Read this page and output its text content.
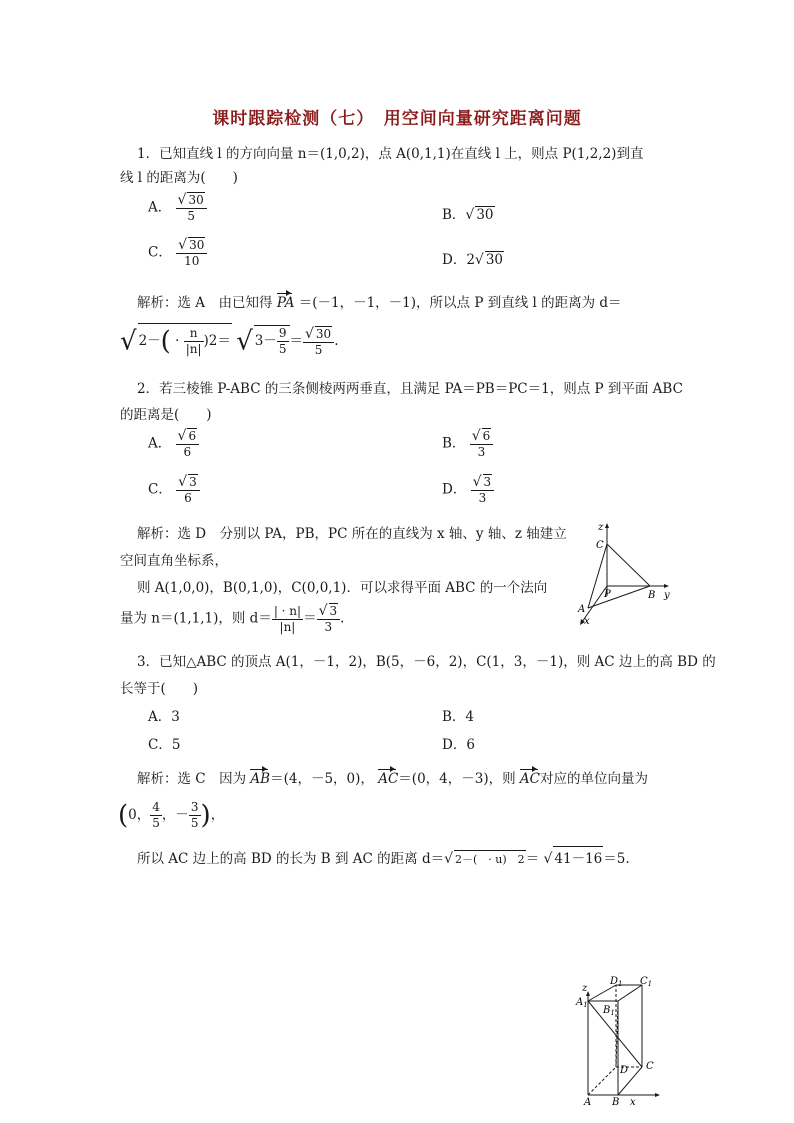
课时跟踪检测（七）　用空间向量研究距离问题
1．已知直线 l 的方向向量 n＝(1,0,2)，点 A(0,1,1)在直线 l 上，则点 P(1,2,2)到直
线 l 的距离为(　　)
A． $\frac{√ 30}{5}$	B．√ 30
C． $\frac{√ 30}{10}$	D．2√ 30
解析：选 A　由已知得 PA ＝(－1，－1，－1)，所以点 P 到直线 l 的距离为 d＝
√ $2-( \cdot \frac{n}{|n|} )2=$ √ $3- \frac{9}{5} = \frac{√ 30}{5}$ .
2．若三棱锥 P-ABC 的三条侧棱两两垂直，且满足 PA＝PB＝PC＝1，则点 P 到平面 ABC
的距离是(　　)
A． $\frac{√ 6}{6}$	B． $\frac{√ 6}{3}$
C． $\frac{√ 3}{6}$	D． $\frac{√ 3}{3}$
解析：选 D　分别以 PA，PB，PC 所在的直线为 x 轴、y 轴、z 轴建立
空间直角坐标系，
则 A(1,0,0)，B(0,1,0)，C(0,0,1)．可以求得平面 ABC 的一个法向
量为 n＝(1,1,1)，则 $d= \frac{| \cdot n|}{|n|} = \frac{√ 3}{3}$ .
z
C
P	B y
A
x
3．已知△ABC 的顶点 A(1，－1，2)，B(5，－6，2)，C(1，3，－1)，则 AC 边上的高 BD 的
长等于(　　)
A．3	B．4
C．5	D．6
解析：选 C　因为 AB＝(4，－5，0)， AC＝(0，4，－3)，则 AC对应的单位向量为
(0， $\frac{4}{5}$ ，－ $\frac{3}{5}$ )，
所以 AC 边上的高 BD 的长为 B 到 AC 的距离 d＝√ 2－(　· u)　2＝ √ 41－16＝5.
$D_1$ $C_1$
z
$A_1$ $B_1$
D C
A B x
